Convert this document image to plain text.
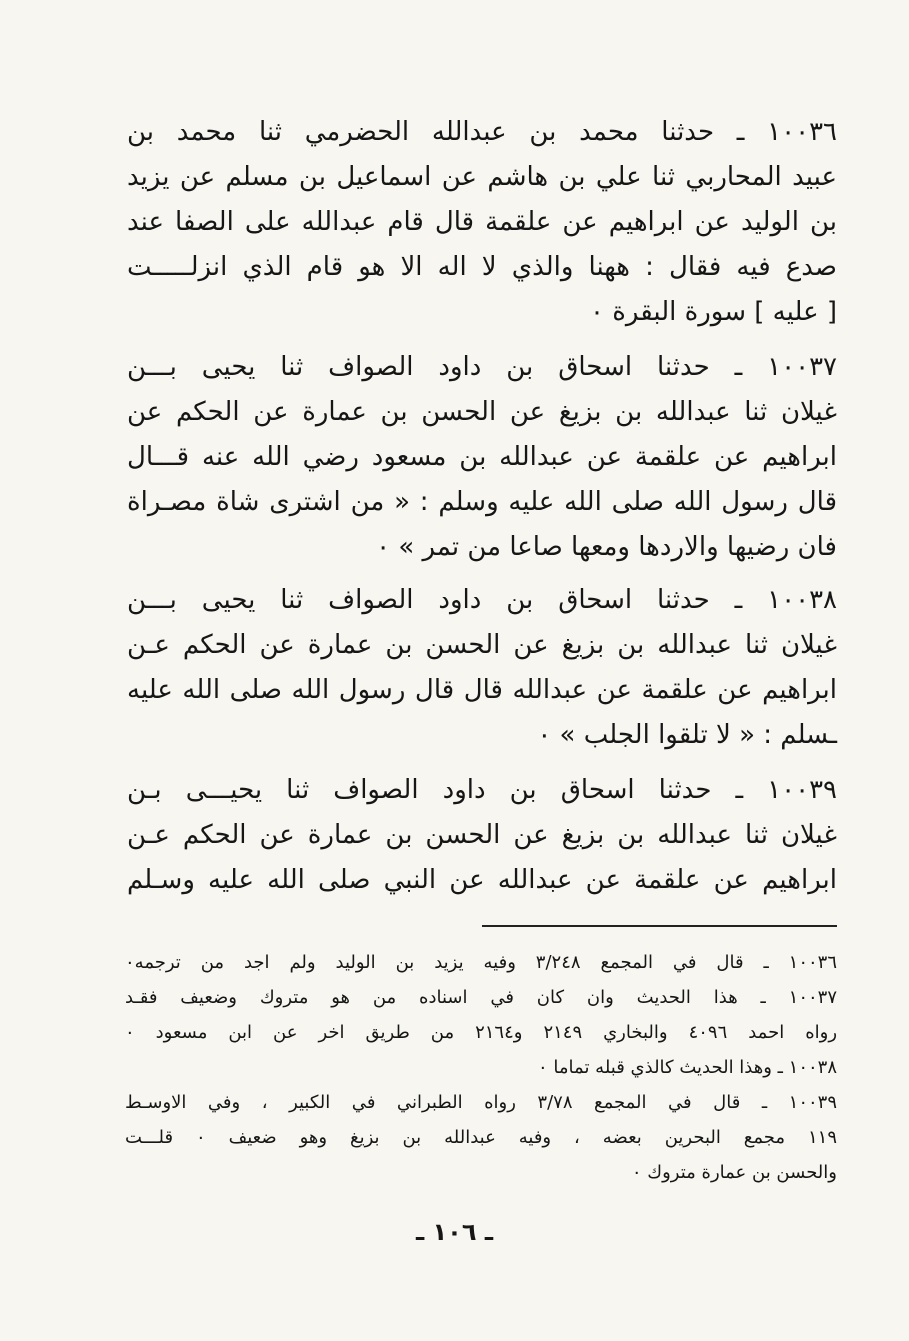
١٠٠٣٦ ـ حدثنا محمد بن عبدالله الحضرمي ثنا محمد بن
عبيد المحاربي ثنا علي بن هاشم عن اسماعيل بن مسلم عن يزيد
بن الوليد عن ابراهيم عن علقمة قال قام عبدالله على الصفا عند
صدع فيه فقال : ههنا والذي لا اله الا هو قام الذي انزلـــــت
[ عليه ] سورة البقرة ٠
١٠٠٣٧ ـ حدثنا اسحاق بن داود الصواف ثنا يحيى بـــن
غيلان ثنا عبدالله بن بزيغ عن الحسن بن عمارة عن الحكم عن
ابراهيم عن علقمة عن عبدالله بن مسعود رضي الله عنه قـــال
قال رسول الله صلى الله عليه وسلم : « من اشترى شاة مصـراة
فان رضيها والاردها ومعها صاعا من تمر » ٠
١٠٠٣٨ ـ حدثنا اسحاق بن داود الصواف ثنا يحيى بـــن
غيلان ثنا عبدالله بن بزيغ عن الحسن بن عمارة عن الحكم عـن
ابراهيم عن علقمة عن عبدالله قال قال رسول الله صلى الله عليه
ـسلم : « لا تلقوا الجلب » ٠
١٠٠٣٩ ـ حدثنا اسحاق بن داود الصواف ثنا يحيـــى بـن
غيلان ثنا عبدالله بن بزيغ عن الحسن بن عمارة عن الحكم عـن
ابراهيم عن علقمة عن عبدالله عن النبي صلى الله عليه وسـلم
١٠٠٣٦ ـ قال في المجمع ٣/٢٤٨ وفيه يزيد بن الوليد ولم اجد من ترجمه٠
١٠٠٣٧ ـ هذا الحديث وان كان في اسناده من هو متروك وضعيف فقـد
رواه احمد ٤٠٩٦ والبخاري ٢١٤٩ و٢١٦٤ من طريق اخر عن ابن مسعود ٠
١٠٠٣٨ ـ وهذا الحديث كالذي قبله تماما ٠
١٠٠٣٩ ـ قال في المجمع ٣/٧٨ رواه الطبراني في الكبير ، وفي الاوسـط
١١٩ مجمع البحرين بعضه ، وفيه عبدالله بن بزيغ وهو ضعيف ٠ قلـــت
والحسن بن عمارة متروك ٠
ـ ١٠٦ ـ
